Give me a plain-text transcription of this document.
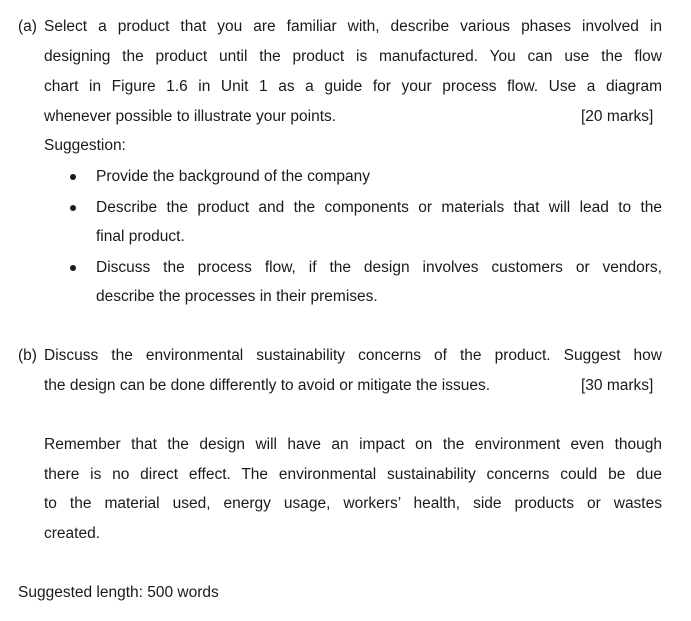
(a) Select a product that you are familiar with, describe various phases involved in
designing the product until the product is manufactured. You can use the flow
chart in Figure 1.6 in Unit 1 as a guide for your process flow. Use a diagram
whenever possible to illustrate your points.	[20 marks]
Suggestion:
Provide the background of the company
Describe the product and the components or materials that will lead to the
final product.
Discuss the process flow, if the design involves customers or vendors,
describe the processes in their premises.
(b) Discuss the environmental sustainability concerns of the product. Suggest how
the design can be done differently to avoid or mitigate the issues.	[30 marks]
Remember that the design will have an impact on the environment even though
there is no direct effect. The environmental sustainability concerns could be due
to the material used, energy usage, workers’ health, side products or wastes
created.
Suggested length: 500 words
